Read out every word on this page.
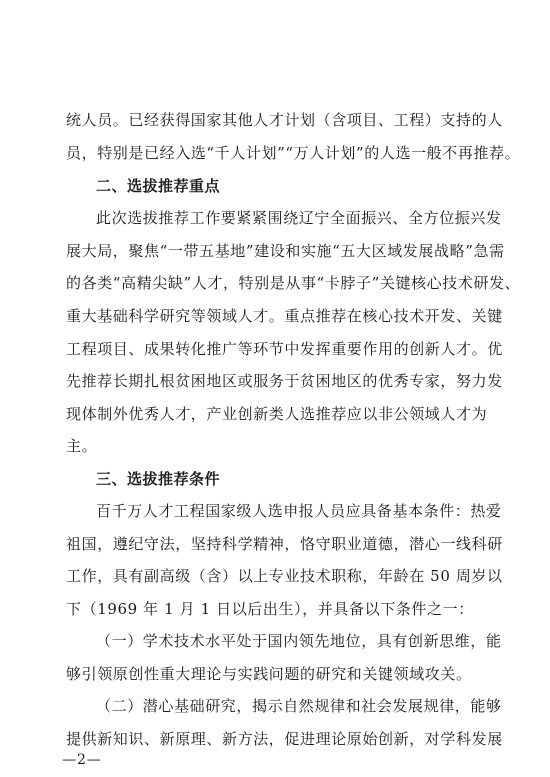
统人员。已经获得国家其他人才计划（含项目、工程）支持的人
员，特别是已经入选“千人计划”“万人计划”的人选一般不再推荐。
二、选拔推荐重点
此次选拔推荐工作要紧紧围绕辽宁全面振兴、全方位振兴发
展大局，聚焦“一带五基地”建设和实施“五大区域发展战略”急需
的各类“高精尖缺”人才，特别是从事“卡脖子”关键核心技术研发、
重大基础科学研究等领域人才。重点推荐在核心技术开发、关键
工程项目、成果转化推广等环节中发挥重要作用的创新人才。优
先推荐长期扎根贫困地区或服务于贫困地区的优秀专家，努力发
现体制外优秀人才，产业创新类人选推荐应以非公领域人才为
主。
三、选拔推荐条件
百千万人才工程国家级人选申报人员应具备基本条件：热爱
祖国，遵纪守法，坚持科学精神，恪守职业道德，潜心一线科研
工作，具有副高级（含）以上专业技术职称，年龄在 50 周岁以
下（1969 年 1 月 1 日以后出生），并具备以下条件之一：
（一）学术技术水平处于国内领先地位，具有创新思维，能
够引领原创性重大理论与实践问题的研究和关键领域攻关。
（二）潜心基础研究，揭示自然规律和社会发展规律，能够
提供新知识、新原理、新方法，促进理论原始创新，对学科发展
—2—
